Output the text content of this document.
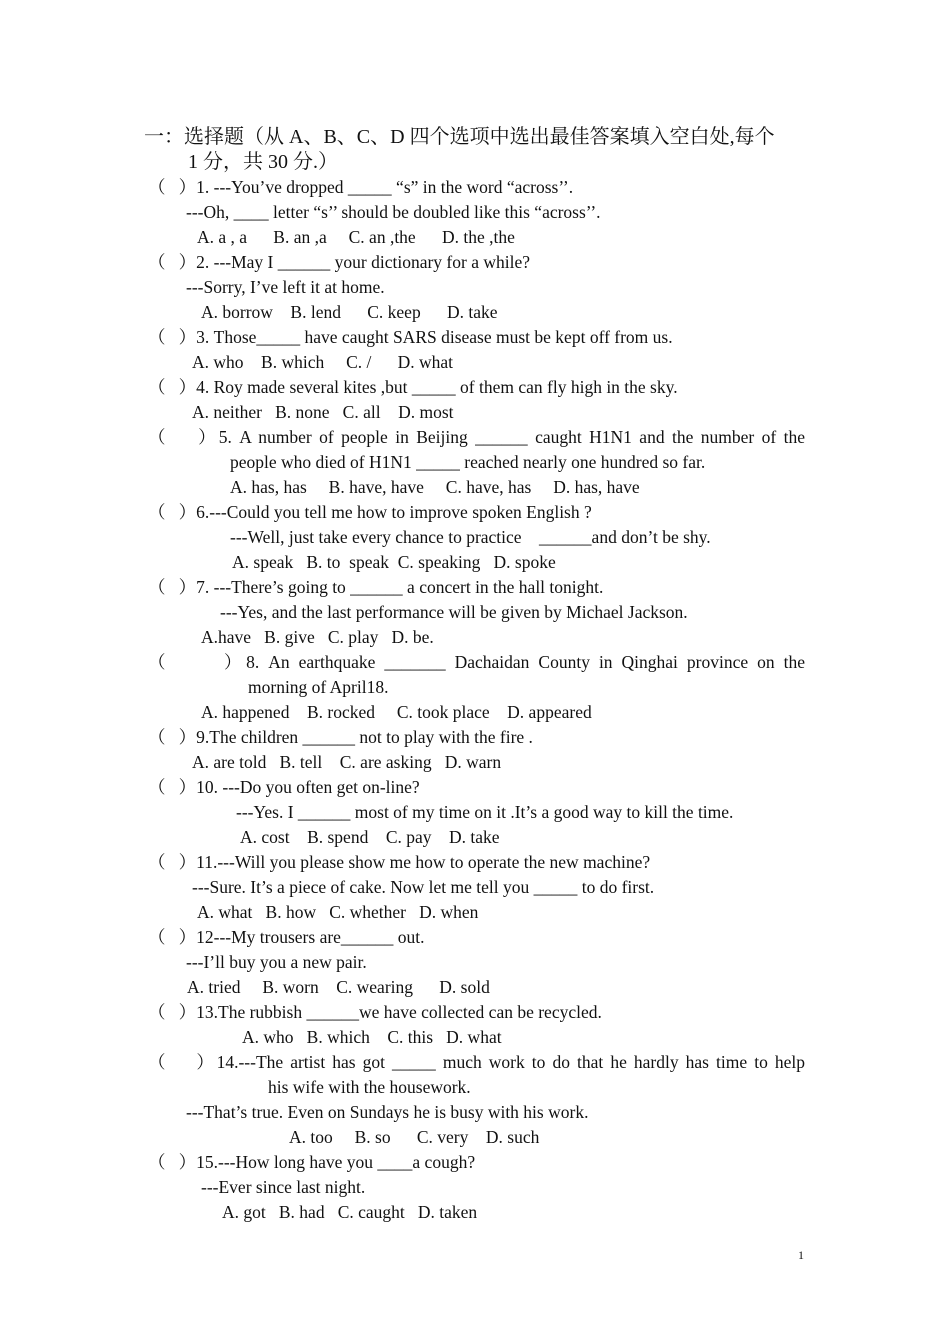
一：选择题（从 A、B、C、D 四个选项中选出最佳答案填入空白处,每个
1 分，共 30 分.）
（   ）1. ---You’ve dropped _____ “s” in the word “across’’.
---Oh, ____ letter “s’’ should be doubled like this “across’’.
A. a , a      B. an ,a     C. an ,the      D. the ,the
（   ）2. ---May I ______ your dictionary for a while?
---Sorry, I’ve left it at home.
A. borrow    B. lend      C. keep      D. take
（   ）3. Those_____ have caught SARS disease must be kept off from us.
A. who    B. which     C. /      D. what
（   ）4. Roy made several kites ,but _____ of them can fly high in the sky.
A. neither   B. none   C. all    D. most
（    ）5. A number of people in Beijing ______ caught H1N1 and the number of the
people who died of H1N1 _____ reached nearly one hundred so far.
A. has, has     B. have, have     C. have, has     D. has, have
（   ）6.---Could you tell me how to improve spoken English ?
---Well, just take every chance to practice    ______and don’t be shy.
A. speak   B. to  speak  C. speaking   D. spoke
（   ）7. ---There’s going to ______ a concert in the hall tonight.
---Yes, and the last performance will be given by Michael Jackson.
A.have   B. give   C. play   D. be.
（      ）8. An earthquake _______ Dachaidan County in Qinghai province on the
morning of April18.
A. happened    B. rocked     C. took place    D. appeared
（   ）9.The children ______ not to play with the fire .
A. are told   B. tell    C. are asking   D. warn
（   ）10. ---Do you often get on-line?
---Yes. I ______ most of my time on it .It’s a good way to kill the time.
A. cost    B. spend    C. pay    D. take
（   ）11.---Will you please show me how to operate the new machine?
---Sure. It’s a piece of cake. Now let me tell you _____ to do first.
A. what   B. how   C. whether   D. when
（   ）12---My trousers are______ out.
---I’ll buy you a new pair.
A. tried     B. worn    C. wearing      D. sold
（   ）13.The rubbish ______we have collected can be recycled.
A. who   B. which    C. this   D. what
（    ）14.---The artist has got _____ much work to do that he hardly has time to help
his wife with the housework.
---That’s true. Even on Sundays he is busy with his work.
A. too     B. so      C. very    D. such
（   ）15.---How long have you ____a cough?
---Ever since last night.
A. got   B. had   C. caught   D. taken
1
